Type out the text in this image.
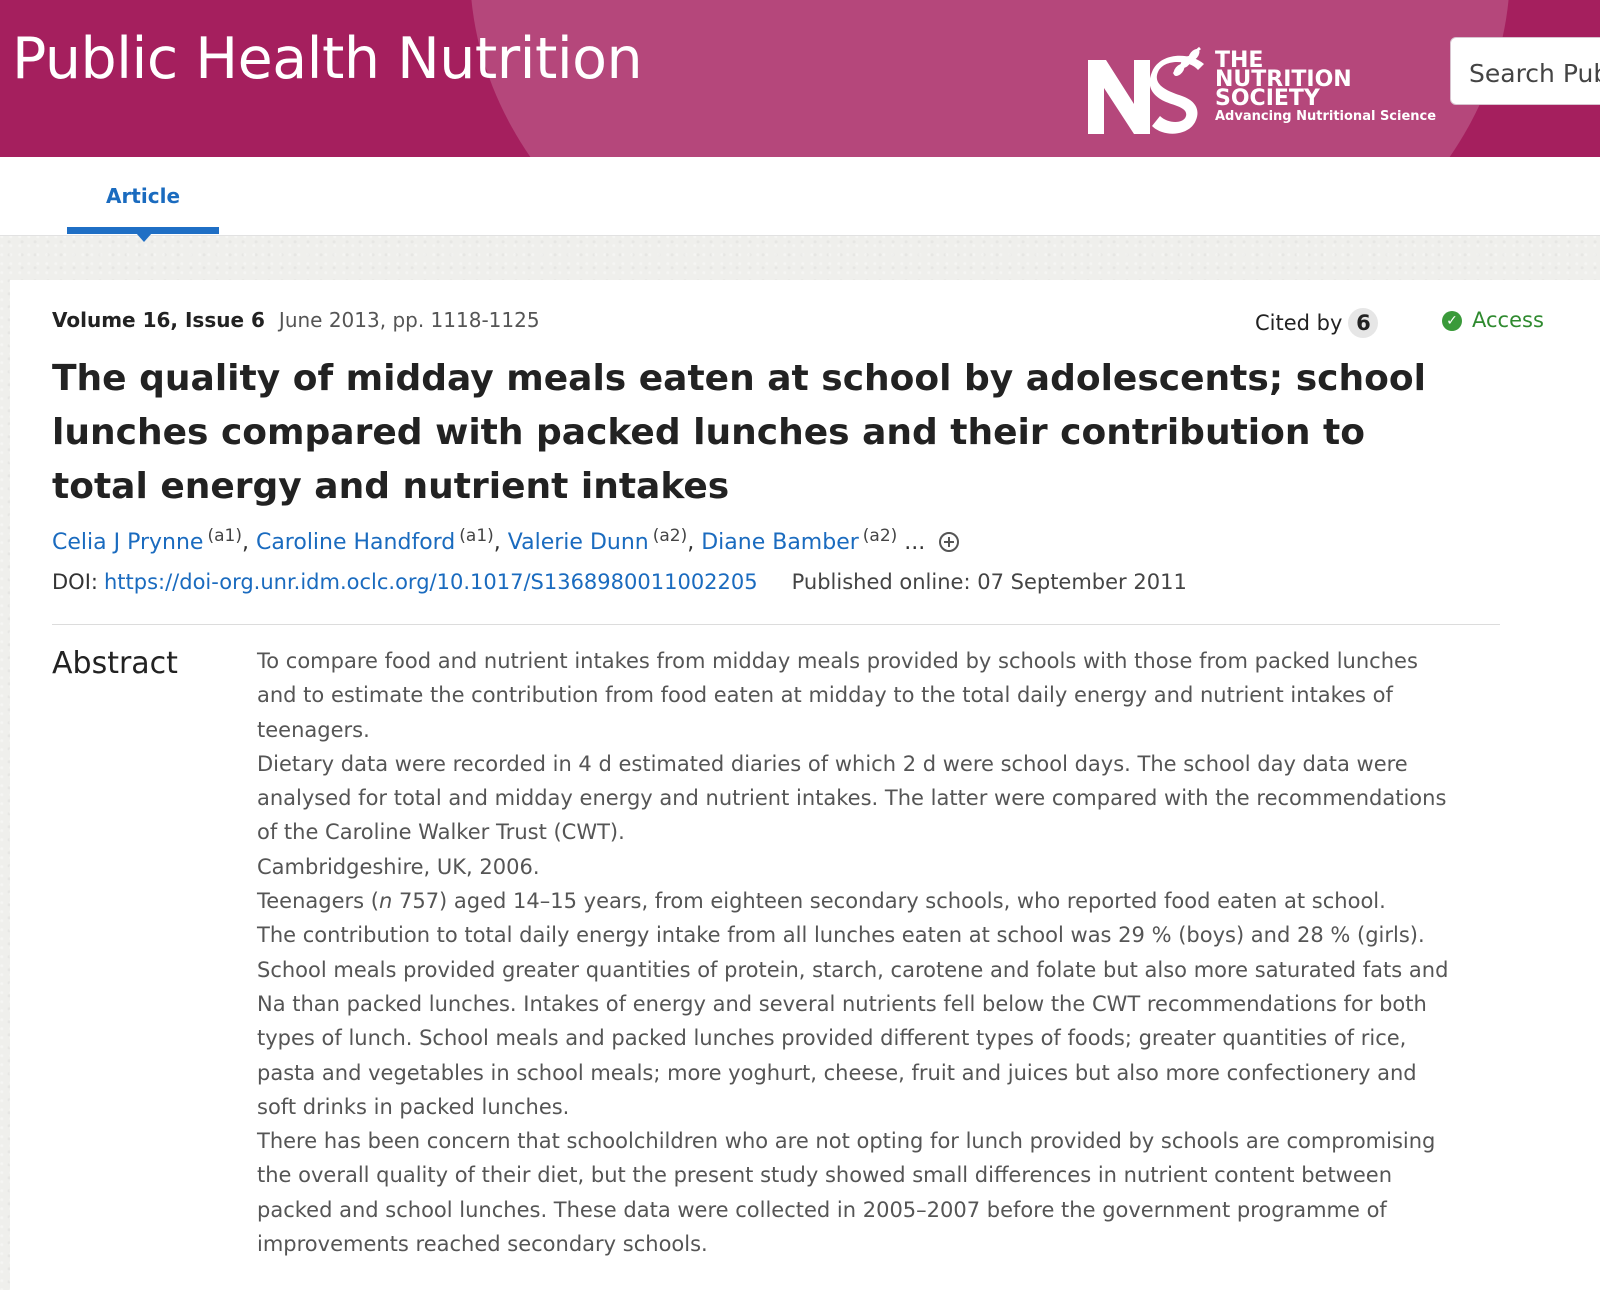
Public Health Nutrition	THE
NUTRITION
SOCIETY
Advancing Nutritional Science
Search Public Health Nutrition
Article
Volume 16, Issue 6 June 2013, pp. 1118-1125	Cited by 6	✓ Access
The quality of midday meals eaten at school by adolescents; school lunches compared with packed lunches and their contribution to total energy and nutrient intakes
Celia J Prynne $^{(a1)}$, Caroline Handford $^{(a1)}$, Valerie Dunn $^{(a2)}$, Diane Bamber $^{(a2)}$ ...
DOI: https://doi-org.unr.idm.oclc.org/10.1017/S1368980011002205 Published online: 07 September 2011
Abstract	To compare food and nutrient intakes from midday meals provided by schools with those from packed lunches and to estimate the contribution from food eaten at midday to the total daily energy and nutrient intakes of teenagers.

Dietary data were recorded in 4 d estimated diaries of which 2 d were school days. The school day data were analysed for total and midday energy and nutrient intakes. The latter were compared with the recommendations of the Caroline Walker Trust (CWT).

Cambridgeshire, UK, 2006.

Teenagers (n 757) aged 14–15 years, from eighteen secondary schools, who reported food eaten at school.

The contribution to total daily energy intake from all lunches eaten at school was 29 % (boys) and 28 % (girls). School meals provided greater quantities of protein, starch, carotene and folate but also more saturated fats and Na than packed lunches. Intakes of energy and several nutrients fell below the CWT recommendations for both types of lunch. School meals and packed lunches provided different types of foods; greater quantities of rice, pasta and vegetables in school meals; more yoghurt, cheese, fruit and juices but also more confectionery and soft drinks in packed lunches.

There has been concern that schoolchildren who are not opting for lunch provided by schools are compromising the overall quality of their diet, but the present study showed small differences in nutrient content between packed and school lunches. These data were collected in 2005–2007 before the government programme of improvements reached secondary schools.
